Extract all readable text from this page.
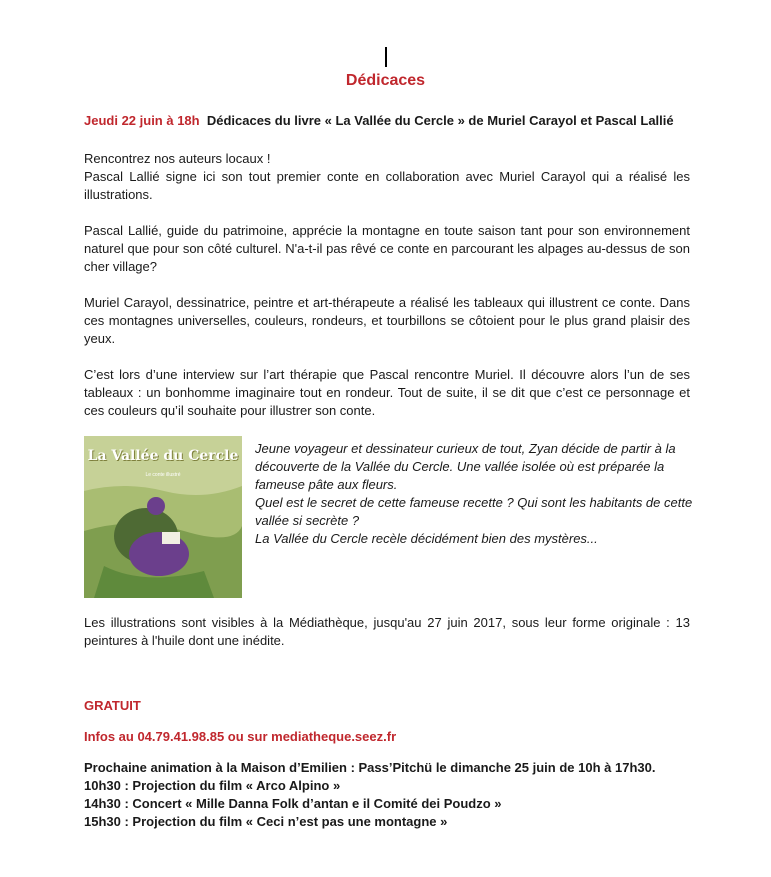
Dédicaces
Jeudi 22 juin à 18h Dédicaces du livre « La Vallée du Cercle » de Muriel Carayol et Pascal Lallié

Rencontrez nos auteurs locaux !
Pascal Lallié signe ici son tout premier conte en collaboration avec Muriel Carayol qui a réalisé les illustrations.

Pascal Lallié, guide du patrimoine, apprécie la montagne en toute saison tant pour son environnement naturel que pour son côté culturel. N'a-t-il pas rêvé ce conte en parcourant les alpages au-dessus de son cher village?

Muriel Carayol, dessinatrice, peintre et art-thérapeute a réalisé les tableaux qui illustrent ce conte. Dans ces montagnes universelles, couleurs, rondeurs, et tourbillons se côtoient pour le plus grand plaisir des yeux.

C’est lors d’une interview sur l’art thérapie que Pascal rencontre Muriel. Il découvre alors l’un de ses tableaux : un bonhomme imaginaire tout en rondeur. Tout de suite, il se dit que c’est ce personnage et ces couleurs qu’il souhaite pour illustrer son conte.

La Vallée du Cercle
Le conte illustré

Jeune voyageur et dessinateur curieux de tout, Zyan décide de partir à la découverte de la Vallée du Cercle. Une vallée isolée où est préparée la fameuse pâte aux fleurs.
Quel est le secret de cette fameuse recette ? Qui sont les habitants de cette vallée si secrète ?
La Vallée du Cercle recèle décidément bien des mystères...

Les illustrations sont visibles à la Médiathèque, jusqu'au 27 juin 2017, sous leur forme originale : 13 peintures à l'huile dont une inédite.

GRATUIT
Infos au 04.79.41.98.85 ou sur mediatheque.seez.fr
Prochaine animation à la Maison d’Emilien : Pass’Pitchü le dimanche 25 juin de 10h à 17h30.
10h30 : Projection du film « Arco Alpino »
14h30 : Concert « Mille Danna Folk d’antan e il Comité dei Poudzo »
15h30 : Projection du film « Ceci n’est pas une montagne »
